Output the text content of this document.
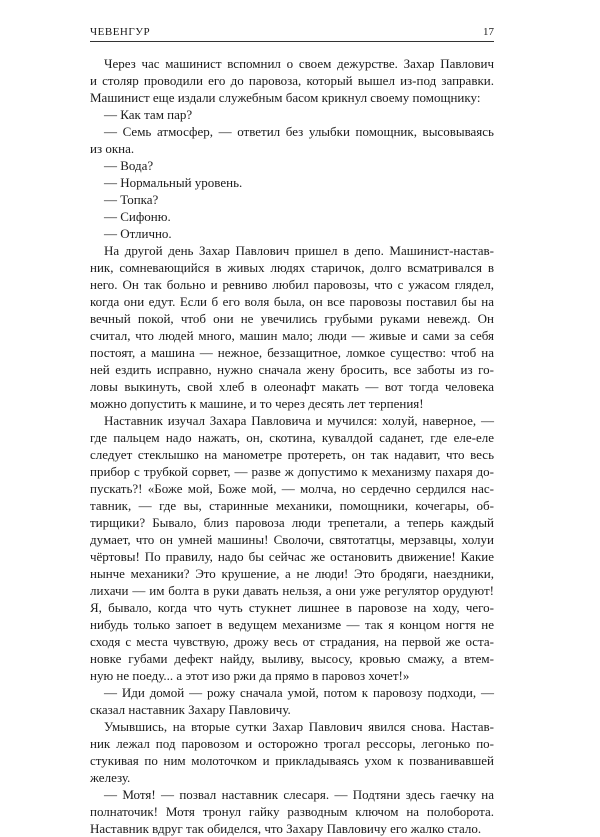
ЧЕВЕНГУР	17
Через час машинист вспомнил о своем дежурстве. Захар Павлович
и столяр проводили его до паровоза, который вышел из-под заправки.
Машинист еще издали служебным басом крикнул своему помощнику:
— Как там пар?
— Семь атмосфер, — ответил без улыбки помощник, высовываясь
из окна.
— Вода?
— Нормальный уровень.
— Топка?
— Сифоню.
— Отлично.
На другой день Захар Павлович пришел в депо. Машинист-настав-
ник, сомневающийся в живых людях старичок, долго всматривался в
него. Он так больно и ревниво любил паровозы, что с ужасом глядел,
когда они едут. Если б его воля была, он все паровозы поставил бы на
вечный покой, чтоб они не увечились грубыми руками невежд. Он
считал, что людей много, машин мало; люди — живые и сами за себя
постоят, а машина — нежное, беззащитное, ломкое существо: чтоб на
ней ездить исправно, нужно сначала жену бросить, все заботы из го-
ловы выкинуть, свой хлеб в олеонафт макать — вот тогда человека
можно допустить к машине, и то через десять лет терпения!
Наставник изучал Захара Павловича и мучился: холуй, наверное, —
где пальцем надо нажать, он, скотина, кувалдой саданет, где еле-еле
следует стеклышко на манометре протереть, он так надавит, что весь
прибор с трубкой сорвет, — разве ж допустимо к механизму пахаря до-
пускать?! «Боже мой, Боже мой, — молча, но сердечно сердился нас-
тавник, — где вы, старинные механики, помощники, кочегары, об-
тирщики? Бывало, близ паровоза люди трепетали, а теперь каждый
думает, что он умней машины! Сволочи, святотатцы, мерзавцы, холуи
чёртовы! По правилу, надо бы сейчас же остановить движение! Какие
нынче механики? Это крушение, а не люди! Это бродяги, наездники,
лихачи — им болта в руки давать нельзя, а они уже регулятор орудуют!
Я, бывало, когда что чуть стукнет лишнее в паровозе на ходу, чего-
нибудь только запоет в ведущем механизме — так я концом ногтя не
сходя с места чувствую, дрожу весь от страдания, на первой же оста-
новке губами дефект найду, выливу, высосу, кровью смажу, а втем-
ную не поеду... а этот изо ржи да прямо в паровоз хочет!»
— Иди домой — рожу сначала умой, потом к паровозу подходи, —
сказал наставник Захару Павловичу.
Умывшись, на вторые сутки Захар Павлович явился снова. Настав-
ник лежал под паровозом и осторожно трогал рессоры, легонько по-
стукивая по ним молоточком и прикладываясь ухом к позванивавшей
железу.
— Мотя! — позвал наставник слесаря. — Подтяни здесь гаечку на
полнаточик! Мотя тронул гайку разводным ключом на полоборота.
Наставник вдруг так обиделся, что Захару Павловичу его жалко стало.
